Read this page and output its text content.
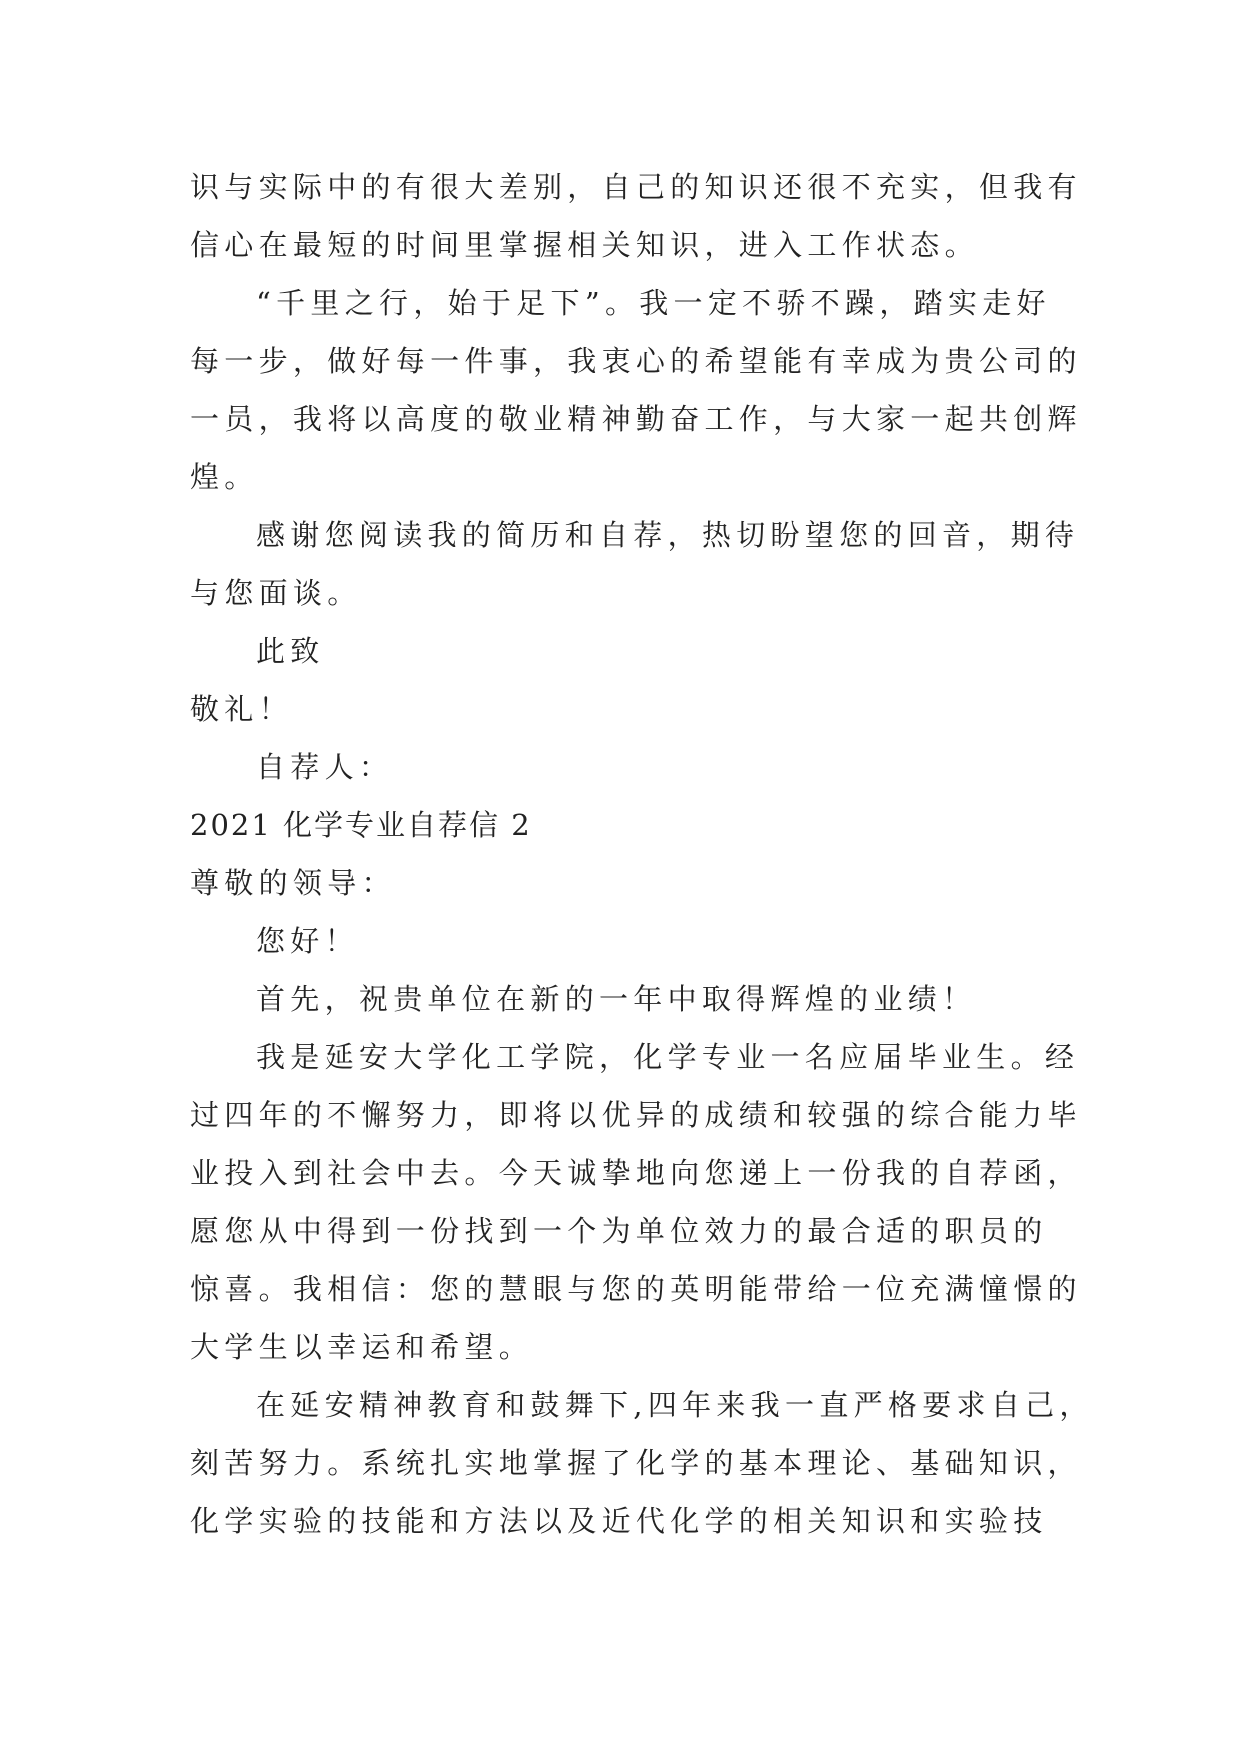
识与实际中的有很大差别，自己的知识还很不充实，但我有
信心在最短的时间里掌握相关知识，进入工作状态。
“千里之行，始于足下”。我一定不骄不躁，踏实走好
每一步，做好每一件事，我衷心的希望能有幸成为贵公司的
一员，我将以高度的敬业精神勤奋工作，与大家一起共创辉
煌。
感谢您阅读我的简历和自荐，热切盼望您的回音，期待
与您面谈。
此致
敬礼！
自荐人：
2021 化学专业自荐信 2
尊敬的领导：
您好！
首先，祝贵单位在新的一年中取得辉煌的业绩！
我是延安大学化工学院，化学专业一名应届毕业生。经
过四年的不懈努力，即将以优异的成绩和较强的综合能力毕
业投入到社会中去。今天诚挚地向您递上一份我的自荐函，
愿您从中得到一份找到一个为单位效力的最合适的职员的
惊喜。我相信：您的慧眼与您的英明能带给一位充满憧憬的
大学生以幸运和希望。
在延安精神教育和鼓舞下,四年来我一直严格要求自己，
刻苦努力。系统扎实地掌握了化学的基本理论、基础知识，
化学实验的技能和方法以及近代化学的相关知识和实验技
